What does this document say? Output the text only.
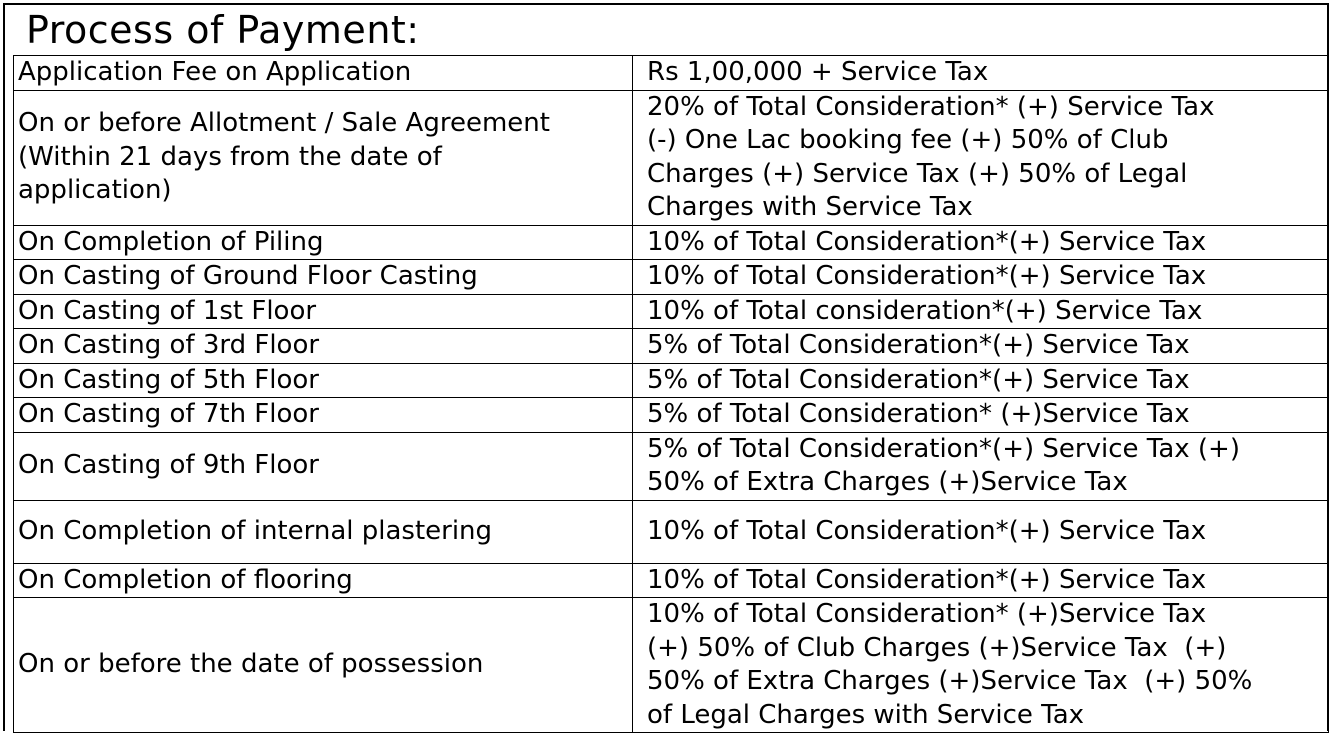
Process of Payment:
Application Fee on Application	Rs 1,00,000 + Service Tax
On or before Allotment / Sale Agreement
(Within 21 days from the date of
application)	20% of Total Consideration* (+) Service Tax
(-) One Lac booking fee (+) 50% of Club
Charges (+) Service Tax (+) 50% of Legal
Charges with Service Tax
On Completion of Piling	10% of Total Consideration*(+) Service Tax
On Casting of Ground Floor Casting	10% of Total Consideration*(+) Service Tax
On Casting of 1st Floor	10% of Total consideration*(+) Service Tax
On Casting of 3rd Floor	5% of Total Consideration*(+) Service Tax
On Casting of 5th Floor	5% of Total Consideration*(+) Service Tax
On Casting of 7th Floor	5% of Total Consideration* (+)Service Tax
On Casting of 9th Floor	5% of Total Consideration*(+) Service Tax (+)
50% of Extra Charges (+)Service Tax
On Completion of internal plastering	10% of Total Consideration*(+) Service Tax
On Completion of flooring	10% of Total Consideration*(+) Service Tax
On or before the date of possession	10% of Total Consideration* (+)Service Tax
(+) 50% of Club Charges (+)Service Tax  (+)
50% of Extra Charges (+)Service Tax  (+) 50%
of Legal Charges with Service Tax
